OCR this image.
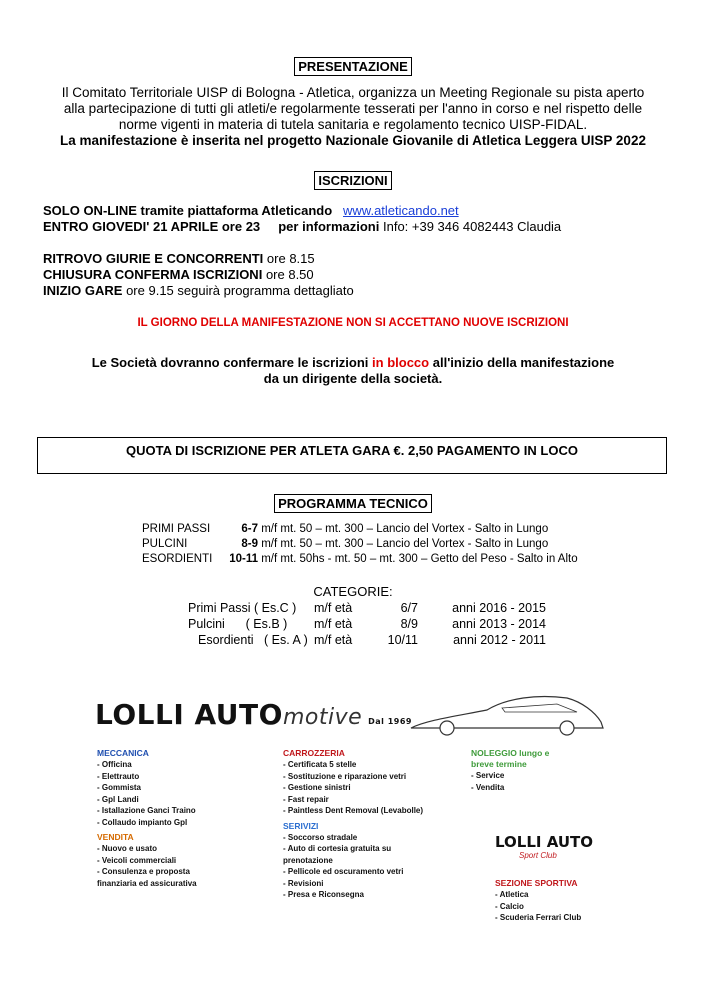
PRESENTAZIONE
Il Comitato Territoriale UISP di Bologna - Atletica, organizza un Meeting Regionale su pista aperto
alla partecipazione di tutti gli atleti/e regolarmente tesserati per l'anno in corso e nel rispetto delle
norme vigenti in materia di tutela sanitaria e regolamento tecnico UISP-FIDAL.
La manifestazione è inserita nel progetto Nazionale Giovanile di Atletica Leggera UISP 2022
ISCRIZIONI
SOLO ON-LINE tramite piattaforma Atleticando www.atleticando.net
ENTRO GIOVEDI' 21 APRILE ore 23 per informazioni Info: +39 346 4082443 Claudia
RITROVO GIURIE E CONCORRENTI ore 8.15
CHIUSURA CONFERMA ISCRIZIONI ore 8.50
INIZIO GARE ore 9.15 seguirà programma dettagliato
IL GIORNO DELLA MANIFESTAZIONE NON SI ACCETTANO NUOVE ISCRIZIONI
Le Società dovranno confermare le iscrizioni in blocco all'inizio della manifestazione
da un dirigente della società.
QUOTA DI ISCRIZIONE PER ATLETA GARA €. 2,50 PAGAMENTO IN LOCO
PROGRAMMA TECNICO
PRIMI PASSI	6-7 m/f mt. 50 – mt. 300 – Lancio del Vortex - Salto in Lungo
PULCINI	8-9 m/f mt. 50 – mt. 300 – Lancio del Vortex - Salto in Lungo
ESORDIENTI 10-11 m/f mt. 50hs - mt. 50 – mt. 300 – Getto del Peso - Salto in Alto
CATEGORIE:
Primi Passi ( Es.C ) m/f età	6/7	anni 2016 - 2015
Pulcini      ( Es.B ) m/f età	8/9	anni 2013 - 2014
Esordienti   ( Es. A ) m/f età	10/11	anni 2012 - 2011
LOLLI AUTOmotive Dal 1969
MECCANICA
- Officina
- Elettrauto
- Gommista
- Gpl Landi
- Istallazione Ganci Traino
- Collaudo impianto Gpl
VENDITA
- Nuovo e usato
- Veicoli commerciali
- Consulenza e proposta
finanziaria ed assicurativa
CARROZZERIA
- Certificata 5 stelle
- Sostituzione e riparazione vetri
- Gestione sinistri
- Fast repair
- Paintless Dent Removal (Levabolle)
SERIVIZI
- Soccorso stradale
- Auto di cortesia gratuita su
prenotazione
- Pellicole ed oscuramento vetri
- Revisioni
- Presa e Riconsegna
NOLEGGIO lungo e
breve termine
- Service
- Vendita
LOLLI AUTO
Sport Club
SEZIONE SPORTIVA
- Atletica
- Calcio
- Scuderia Ferrari Club
